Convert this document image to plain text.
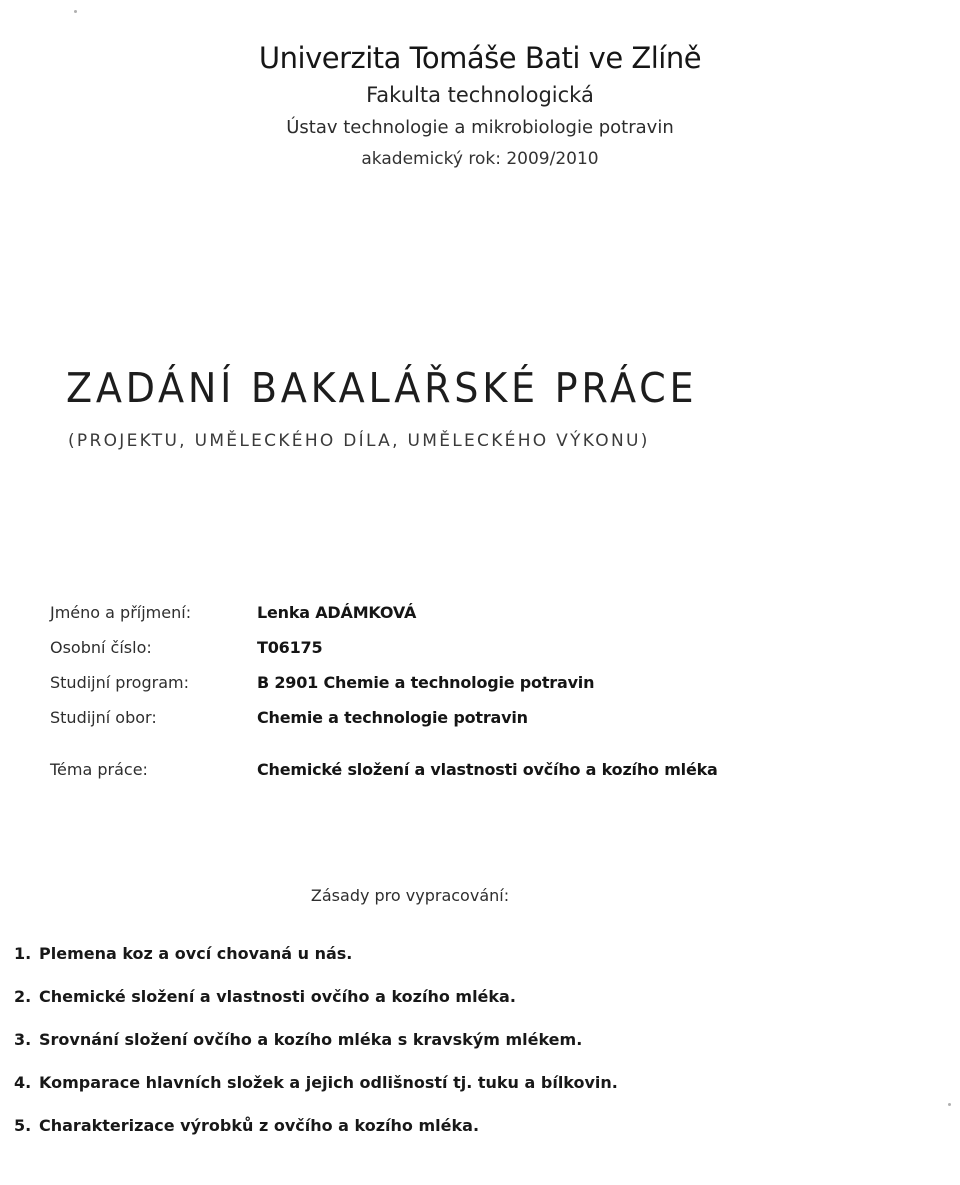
Univerzita Tomáše Bati ve Zlíně
Fakulta technologická
Ústav technologie a mikrobiologie potravin
akademický rok: 2009/2010
ZADÁNÍ BAKALÁŘSKÉ PRÁCE
(PROJEKTU, UMĚLECKÉHO DÍLA, UMĚLECKÉHO VÝKONU)
Jméno a příjmení:	Lenka ADÁMKOVÁ
Osobní číslo:	T06175
Studijní program:	B 2901 Chemie a technologie potravin
Studijní obor:	Chemie a technologie potravin
Téma práce:	Chemické složení a vlastnosti ovčího a kozího mléka
Zásady pro vypracování:
1. Plemena koz a ovcí chovaná u nás.
2. Chemické složení a vlastnosti ovčího a kozího mléka.
3. Srovnání složení ovčího a kozího mléka s kravským mlékem.
4. Komparace hlavních složek a jejich odlišností tj. tuku a bílkovin.
5. Charakterizace výrobků z ovčího a kozího mléka.
